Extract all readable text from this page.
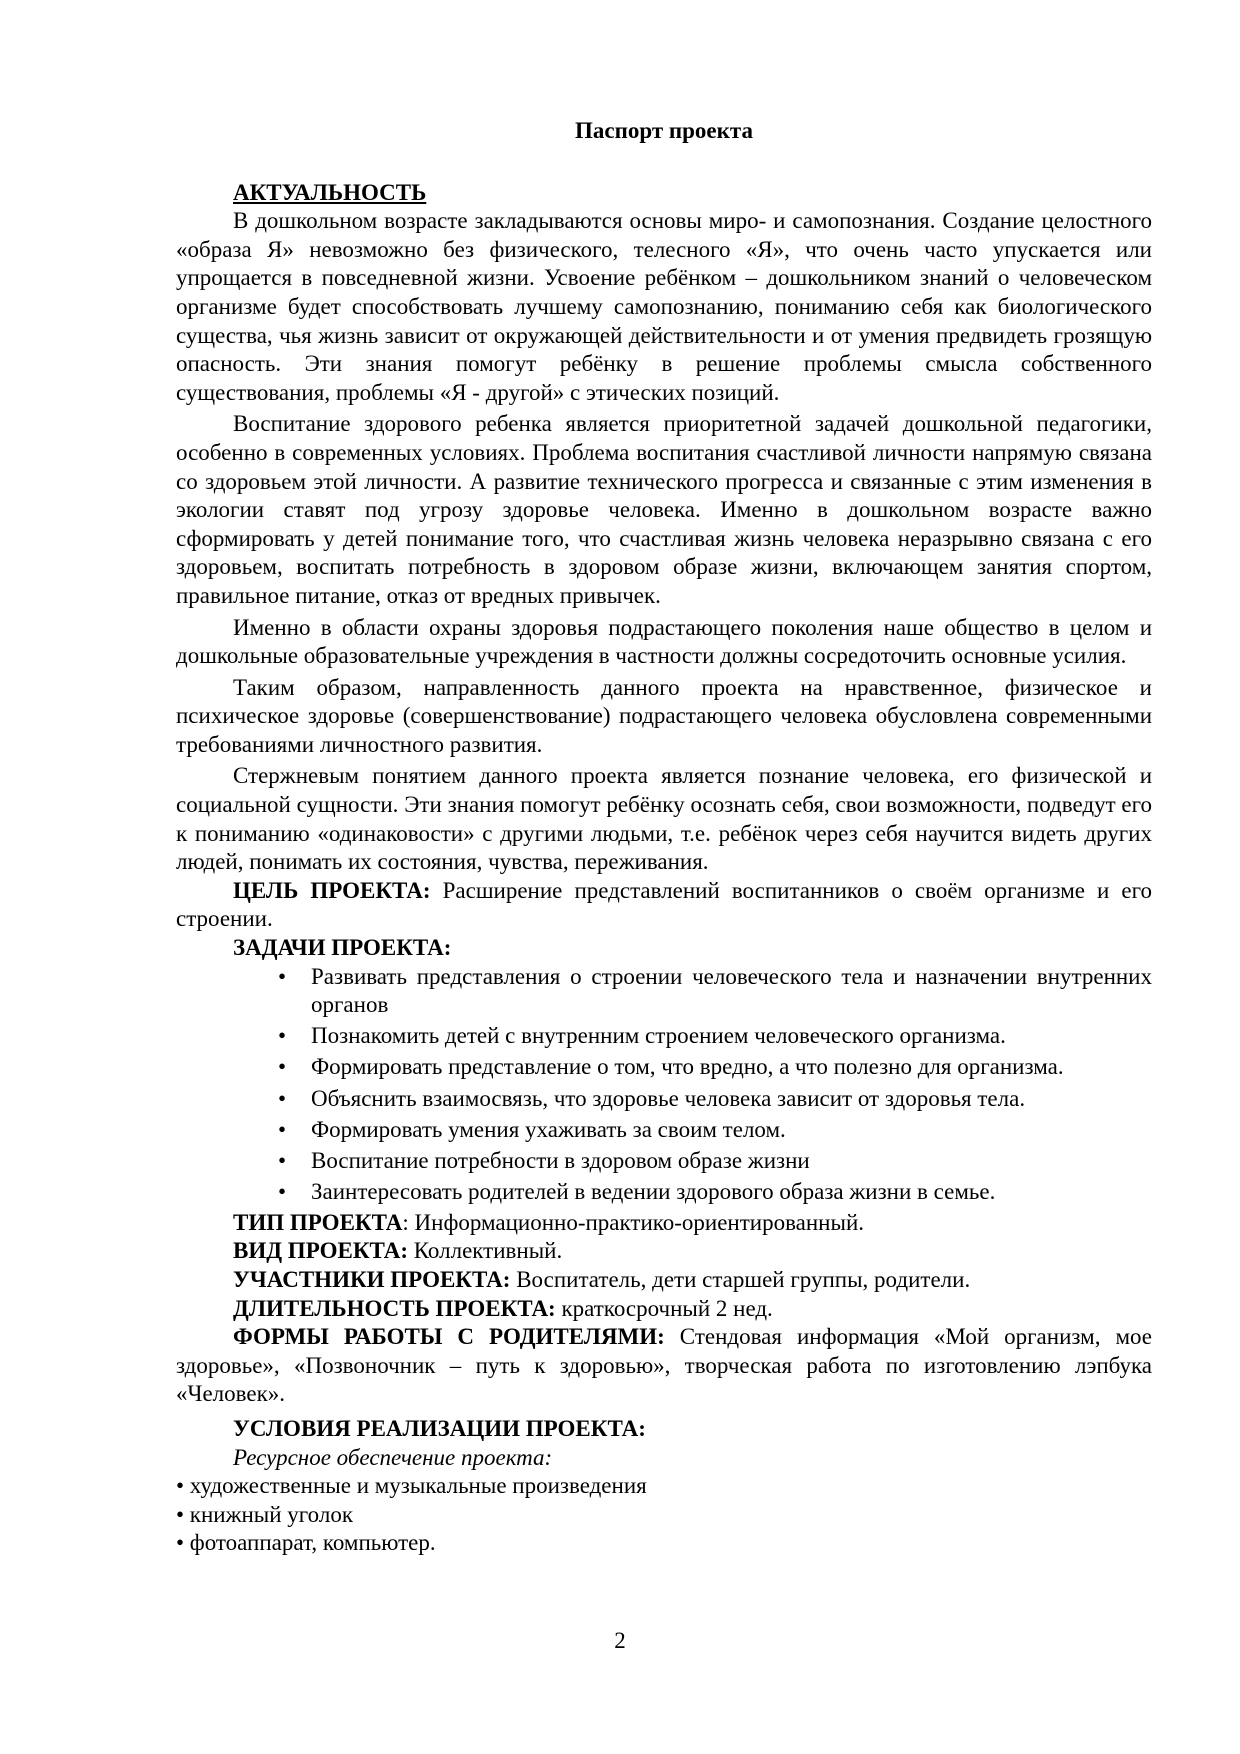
Паспорт проекта

АКТУАЛЬНОСТЬ

В дошкольном возрасте закладываются основы миро- и самопознания. Создание целостного «образа Я» невозможно без физического, телесного «Я», что очень часто упускается или упрощается в повседневной жизни. Усвоение ребёнком – дошкольником знаний о человеческом организме будет способствовать лучшему самопознанию, пониманию себя как биологического существа, чья жизнь зависит от окружающей действительности и от умения предвидеть грозящую опасность. Эти знания помогут ребёнку в решение проблемы смысла собственного существования, проблемы «Я - другой» с этических позиций.

Воспитание здорового ребенка является приоритетной задачей дошкольной педагогики, особенно в современных условиях. Проблема воспитания счастливой личности напрямую связана со здоровьем этой личности. А развитие технического прогресса и связанные с этим изменения в экологии ставят под угрозу здоровье человека. Именно в дошкольном возрасте важно сформировать у детей понимание того, что счастливая жизнь человека неразрывно связана с его здоровьем, воспитать потребность в здоровом образе жизни, включающем занятия спортом, правильное питание, отказ от вредных привычек.

Именно в области охраны здоровья подрастающего поколения наше общество в целом и дошкольные образовательные учреждения в частности должны сосредоточить основные усилия.

Таким образом, направленность данного проекта на нравственное, физическое и психическое здоровье (совершенствование) подрастающего человека обусловлена современными требованиями личностного развития.

Стержневым понятием данного проекта является познание человека, его физической и социальной сущности. Эти знания помогут ребёнку осознать себя, свои возможности, подведут его к пониманию «одинаковости» с другими людьми, т.е. ребёнок через себя научится видеть других людей, понимать их состояния, чувства, переживания.

ЦЕЛЬ ПРОЕКТА: Расширение представлений воспитанников о своём организме и его строении.

ЗАДАЧИ ПРОЕКТА:

• Развивать представления о строении человеческого тела и назначении внутренних органов
• Познакомить детей с внутренним строением человеческого организма.
• Формировать представление о том, что вредно, а что полезно для организма.
• Объяснить взаимосвязь, что здоровье человека зависит от здоровья тела.
• Формировать умения ухаживать за своим телом.
• Воспитание потребности в здоровом образе жизни
• Заинтересовать родителей в ведении здорового образа жизни в семье.

ТИП ПРОЕКТА: Информационно-практико-ориентированный.

ВИД ПРОЕКТА: Коллективный.

УЧАСТНИКИ ПРОЕКТА: Воспитатель, дети старшей группы, родители.

ДЛИТЕЛЬНОСТЬ ПРОЕКТА: краткосрочный 2 нед.

ФОРМЫ РАБОТЫ С РОДИТЕЛЯМИ: Стендовая информация «Мой организм, мое здоровье», «Позвоночник – путь к здоровью», творческая работа по изготовлению лэпбука «Человек».

УСЛОВИЯ РЕАЛИЗАЦИИ ПРОЕКТА:

Ресурсное обеспечение проекта:

• художественные и музыкальные произведения

• книжный уголок

• фотоаппарат, компьютер.

2
